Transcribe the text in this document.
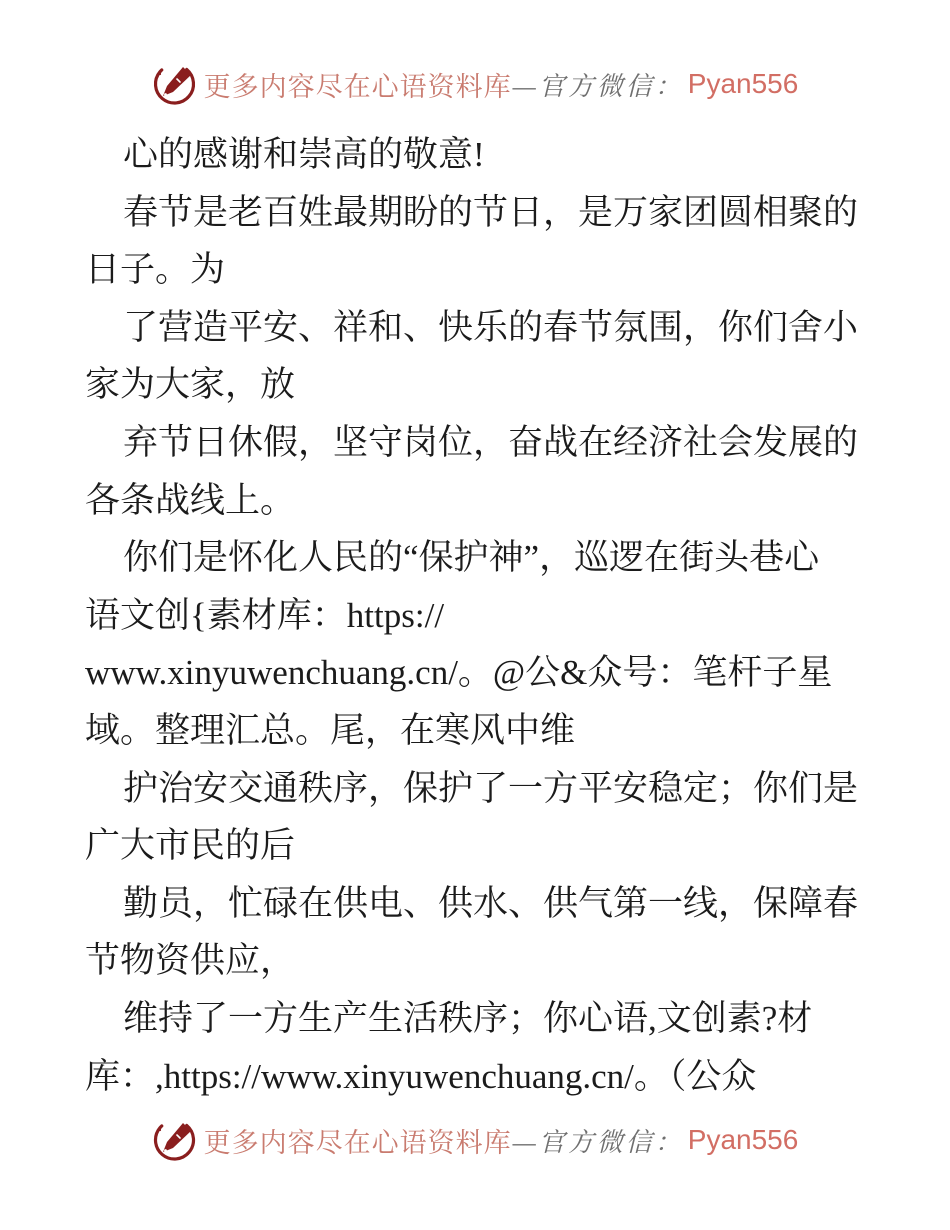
更多内容尽在心语资料库 —官方微信： Pyan556
心的感谢和崇高的敬意!
春节是老百姓最期盼的节日，是万家团圆相聚的
日子。为
了营造平安、祥和、快乐的春节氛围，你们舍小
家为大家，放
弃节日休假，坚守岗位，奋战在经济社会发展的
各条战线上。
你们是怀化人民的“保护神”，巡逻在街头巷心
语文创{素材库：https://
www.xinyuwenchuang.cn/。@公&众号：笔杆子星
域。整理汇总。尾，在寒风中维
护治安交通秩序，保护了一方平安稳定；你们是
广大市民的后
勤员，忙碌在供电、供水、供气第一线，保障春
节物资供应，
维持了一方生产生活秩序；你心语,文创素?材
库：,https://www.xinyuwenchuang.cn/。（公众
更多内容尽在心语资料库 —官方微信： Pyan556
